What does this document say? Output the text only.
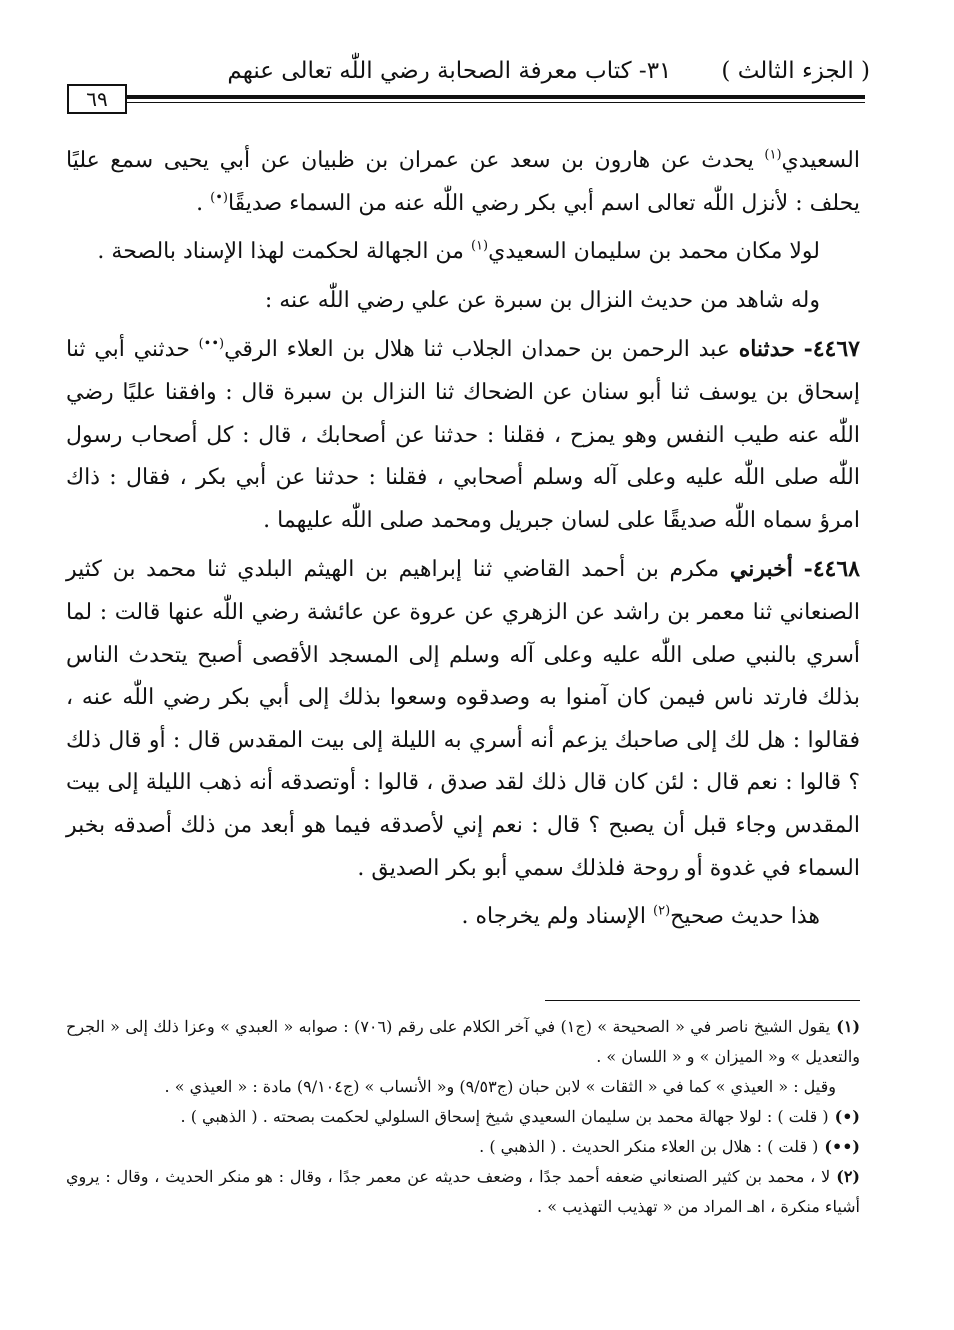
( الجزء الثالث )٣١- كتاب معرفة الصحابة رضي اللّٰه تعالى عنهم
٦٩

السعيدي$^{(١)}$ يحدث عن هارون بن سعد عن عمران بن ظبيان عن أبي يحيى سمع عليًا يحلف : لأنزل اللّٰه تعالى اسم أبي بكر رضي اللّٰه عنه من السماء صديقًا(•) .

لولا مكان محمد بن سليمان السعيدي$^{(١)}$ من الجهالة لحكمت لهذا الإسناد بالصحة .

وله شاهد من حديث النزال بن سبرة عن علي رضي اللّٰه عنه :

٤٤٦٧- حدثناه عبد الرحمن بن حمدان الجلاب ثنا هلال بن العلاء الرقي(••) حدثني أبي ثنا إسحاق بن يوسف ثنا أبو سنان عن الضحاك ثنا النزال بن سبرة قال : وافقنا عليًا رضي اللّٰه عنه طيب النفس وهو يمزح ، فقلنا : حدثنا عن أصحابك ، قال : كل أصحاب رسول اللّٰه صلى اللّٰه عليه وعلى آله وسلم أصحابي ، فقلنا : حدثنا عن أبي بكر ، فقال : ذاك امرؤ سماه اللّٰه صديقًا على لسان جبريل ومحمد صلى اللّٰه عليهما .

٤٤٦٨- أخبرني مكرم بن أحمد القاضي ثنا إبراهيم بن الهيثم البلدي ثنا محمد بن كثير الصنعاني ثنا معمر بن راشد عن الزهري عن عروة عن عائشة رضي اللّٰه عنها قالت : لما أسري بالنبي صلى اللّٰه عليه وعلى آله وسلم إلى المسجد الأقصى أصبح يتحدث الناس بذلك فارتد ناس فيمن كان آمنوا به وصدقوه وسعوا بذلك إلى أبي بكر رضي اللّٰه عنه ، فقالوا : هل لك إلى صاحبك يزعم أنه أسري به الليلة إلى بيت المقدس قال : أو قال ذلك ؟ قالوا : نعم قال : لئن كان قال ذلك لقد صدق ، قالوا : أوتصدقه أنه ذهب الليلة إلى بيت المقدس وجاء قبل أن يصبح ؟ قال : نعم إني لأصدقه فيما هو أبعد من ذلك أصدقه بخبر السماء في غدوة أو روحة فلذلك سمي أبو بكر الصديق .

هذا حديث صحيح$^{(٢)}$ الإسناد ولم يخرجاه .

(١)يقول الشيخ ناصر في « الصحيحة » (ج١) في آخر الكلام على رقم (٧٠٦) : صوابه « العبدي » وعزا ذلك إلى « الجرح والتعديل » و« الميزان » و « اللسان » .

وقيل : « العيذي » كما في « الثقات » لابن حبان (ج٩/٥٣) و« الأنساب » (ج٩/١٠٤) مادة : « العيذي » .

(•)( قلت ) : لولا جهالة محمد بن سليمان السعيدي شيخ إسحاق السلولي لحكمت بصحته . ( الذهبي ) .

(••)( قلت ) : هلال بن العلاء منكر الحديث . ( الذهبي ) .

(٢)لا ، محمد بن كثير الصنعاني ضعفه أحمد جدًا ، وضعف حديثه عن معمر جدًا ، وقال : هو منكر الحديث ، وقال : يروي أشياء منكرة ، اهـ المراد من « تهذيب التهذيب » .
